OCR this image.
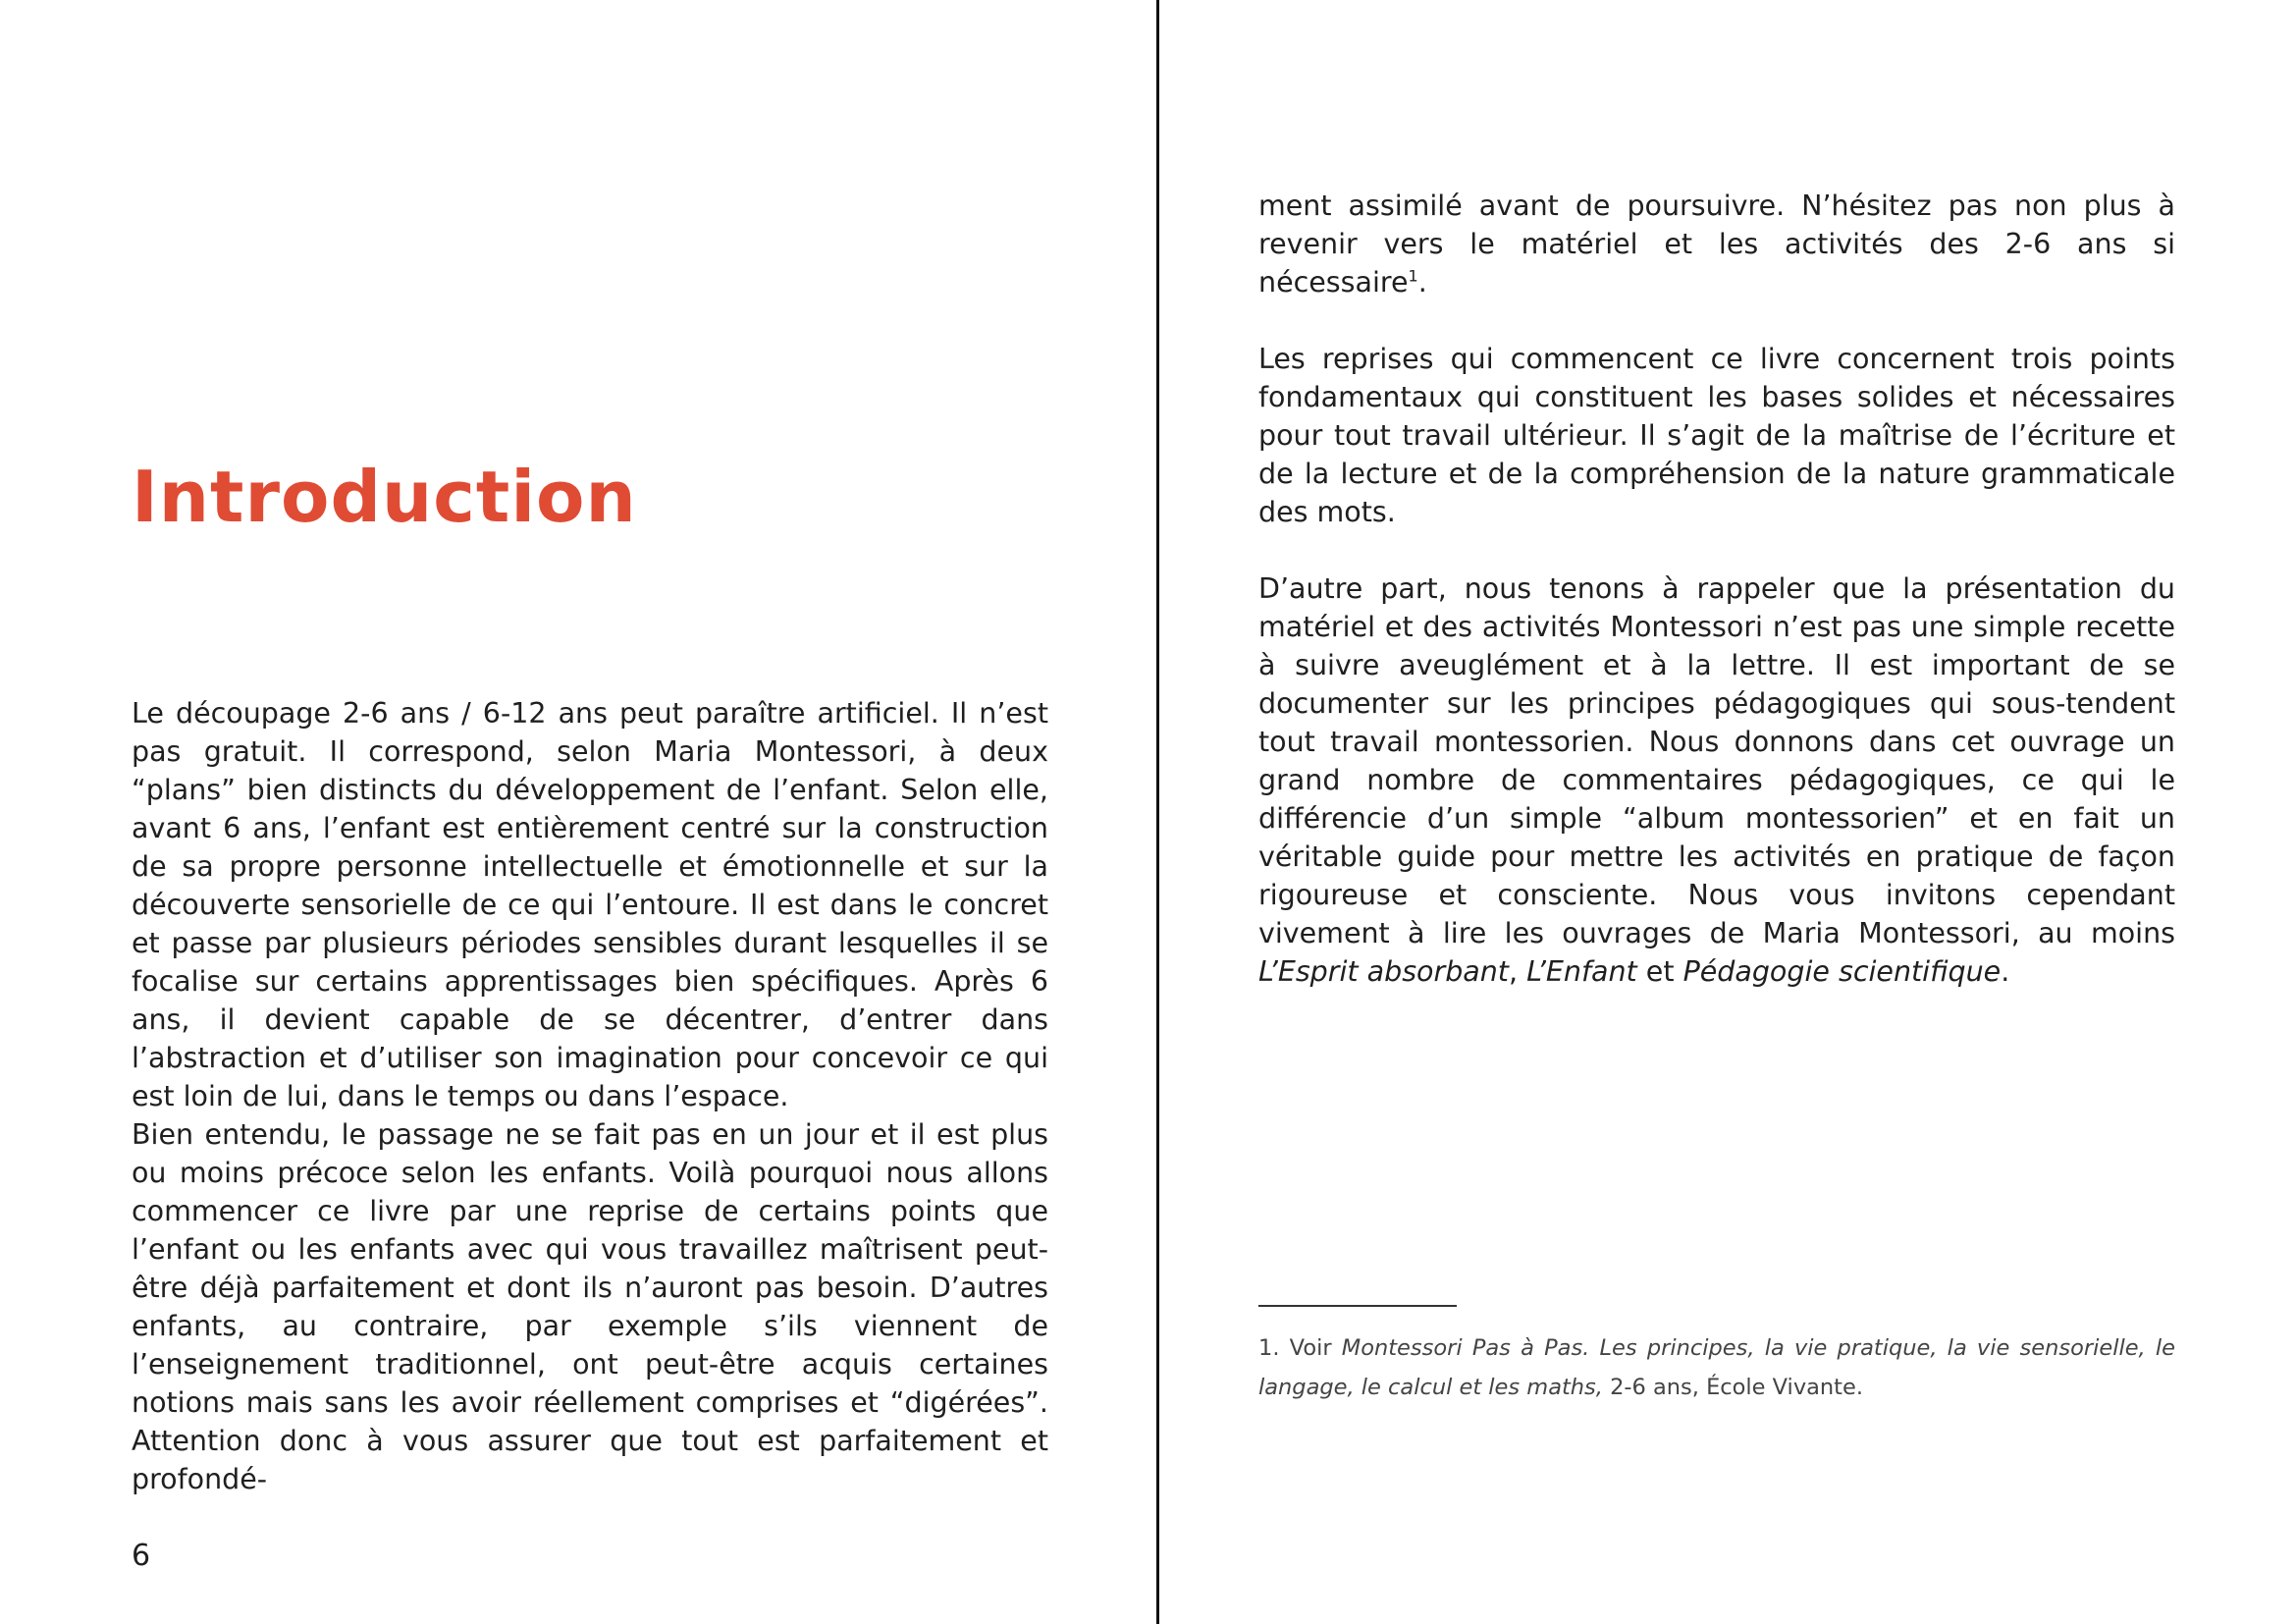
Introduction

Le découpage 2-6 ans / 6-12 ans peut paraître artificiel. Il n’est pas gratuit. Il correspond, selon Maria Montessori, à deux “plans” bien distincts du développement de l’enfant. Selon elle, avant 6 ans, l’enfant est entièrement centré sur la construction de sa propre personne intellectuelle et émotionnelle et sur la découverte sensorielle de ce qui l’entoure. Il est dans le concret et passe par plusieurs périodes sensibles durant lesquelles il se focalise sur certains apprentissages bien spécifiques. Après 6 ans, il devient capable de se décentrer, d’entrer dans l’abstraction et d’utiliser son imagination pour concevoir ce qui est loin de lui, dans le temps ou dans l’espace.

Bien entendu, le passage ne se fait pas en un jour et il est plus ou moins précoce selon les enfants. Voilà pourquoi nous allons commencer ce livre par une reprise de certains points que l’enfant ou les enfants avec qui vous travaillez maîtrisent peut-être déjà parfaitement et dont ils n’auront pas besoin. D’autres enfants, au contraire, par exemple s’ils viennent de l’enseignement traditionnel, ont peut-être acquis certaines notions mais sans les avoir réellement comprises et “digérées”. Attention donc à vous assurer que tout est parfaitement et profondé-

6

ment assimilé avant de poursuivre. N’hésitez pas non plus à revenir vers le matériel et les activités des 2-6 ans si nécessaire$^1$.

Les reprises qui commencent ce livre concernent trois points fondamentaux qui constituent les bases solides et nécessaires pour tout travail ultérieur. Il s’agit de la maîtrise de l’écriture et de la lecture et de la compréhension de la nature grammaticale des mots.

D’autre part, nous tenons à rappeler que la présentation du matériel et des activités Montessori n’est pas une simple recette à suivre aveuglément et à la lettre. Il est important de se documenter sur les principes pédagogiques qui sous-tendent tout travail montessorien. Nous donnons dans cet ouvrage un grand nombre de commentaires pédagogiques, ce qui le différencie d’un simple “album montessorien” et en fait un véritable guide pour mettre les activités en pratique de façon rigoureuse et consciente. Nous vous invitons cependant vivement à lire les ouvrages de Maria Montessori, au moins L’Esprit absorbant, L’Enfant et Pédagogie scientifique.

1. Voir Montessori Pas à Pas. Les principes, la vie pratique, la vie sensorielle, le langage, le calcul et les maths, 2-6 ans, École Vivante.
